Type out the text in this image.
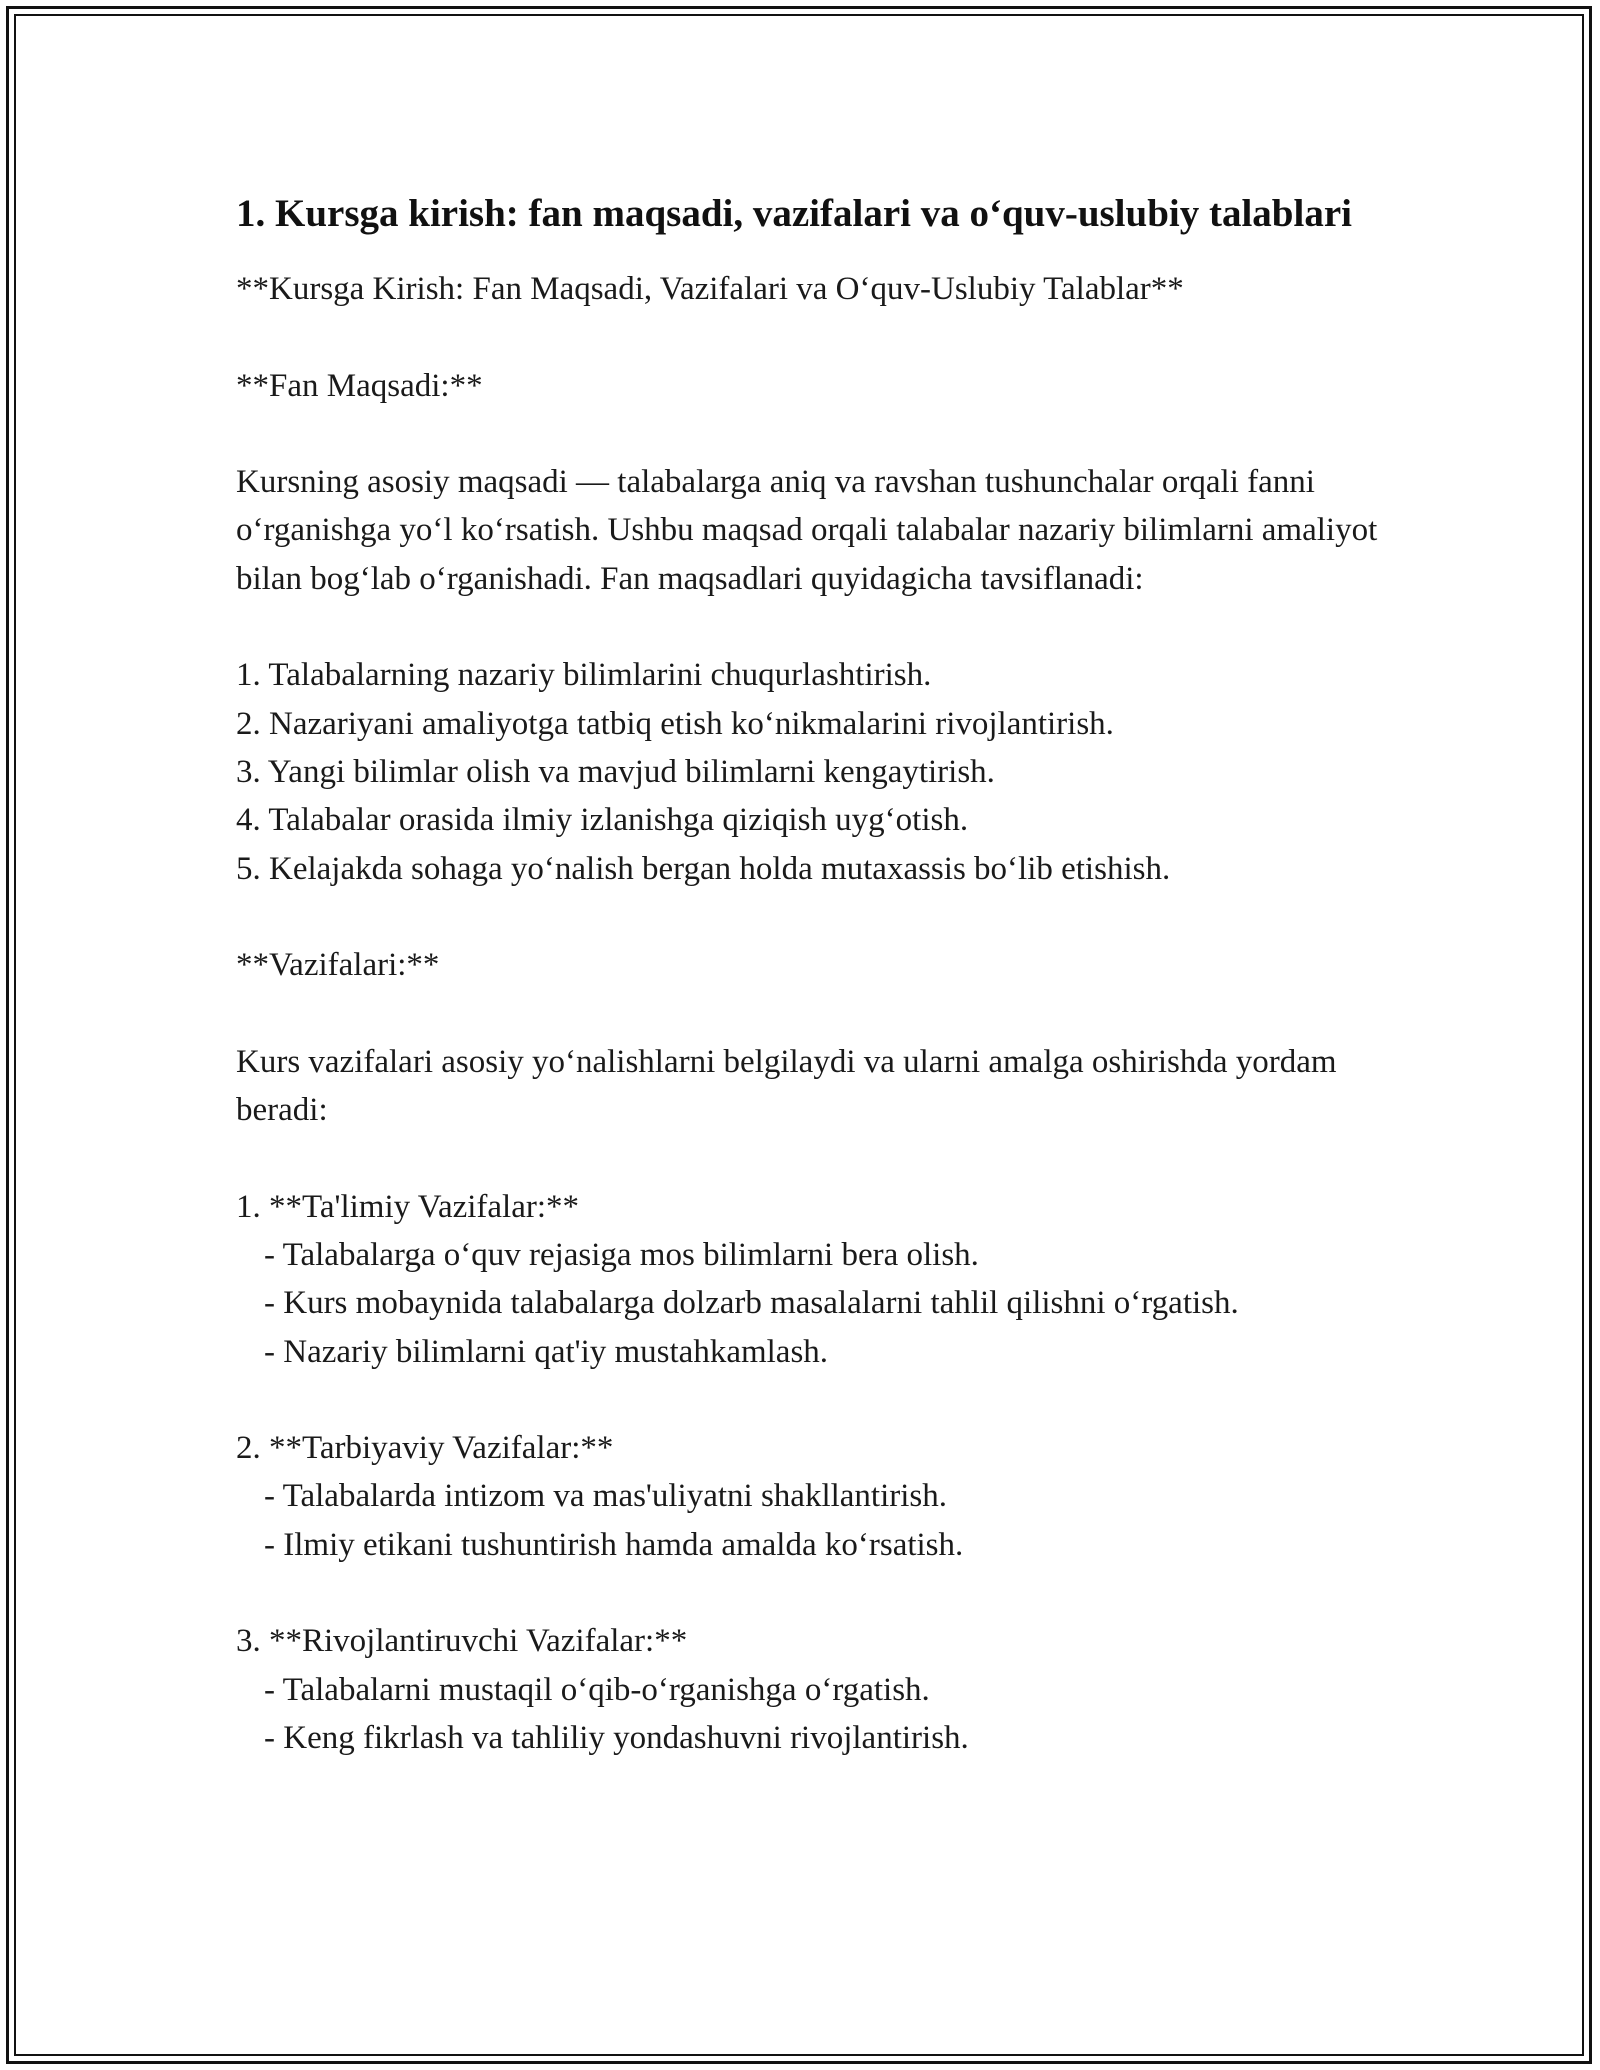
1. Kursga kirish: fan maqsadi, vazifalari va o‘quv-uslubiy talablari

**Kursga Kirish: Fan Maqsadi, Vazifalari va O‘quv-Uslubiy Talablar**

**Fan Maqsadi:**

Kursning asosiy maqsadi — talabalarga aniq va ravshan tushunchalar orqali fanni o‘rganishga yo‘l ko‘rsatish. Ushbu maqsad orqali talabalar nazariy bilimlarni amaliyot bilan bog‘lab o‘rganishadi. Fan maqsadlari quyidagicha tavsiflanadi:

1. Talabalarning nazariy bilimlarini chuqurlashtirish.

2. Nazariyani amaliyotga tatbiq etish ko‘nikmalarini rivojlantirish.

3. Yangi bilimlar olish va mavjud bilimlarni kengaytirish.

4. Talabalar orasida ilmiy izlanishga qiziqish uyg‘otish.

5. Kelajakda sohaga yo‘nalish bergan holda mutaxassis bo‘lib etishish.

**Vazifalari:**

Kurs vazifalari asosiy yo‘nalishlarni belgilaydi va ularni amalga oshirishda yordam beradi:

1. **Ta'limiy Vazifalar:**

- Talabalarga o‘quv rejasiga mos bilimlarni bera olish.

- Kurs mobaynida talabalarga dolzarb masalalarni tahlil qilishni o‘rgatish.

- Nazariy bilimlarni qat'iy mustahkamlash.

2. **Tarbiyaviy Vazifalar:**

- Talabalarda intizom va mas'uliyatni shakllantirish.

- Ilmiy etikani tushuntirish hamda amalda ko‘rsatish.

3. **Rivojlantiruvchi Vazifalar:**

- Talabalarni mustaqil o‘qib-o‘rganishga o‘rgatish.

- Keng fikrlash va tahliliy yondashuvni rivojlantirish.
